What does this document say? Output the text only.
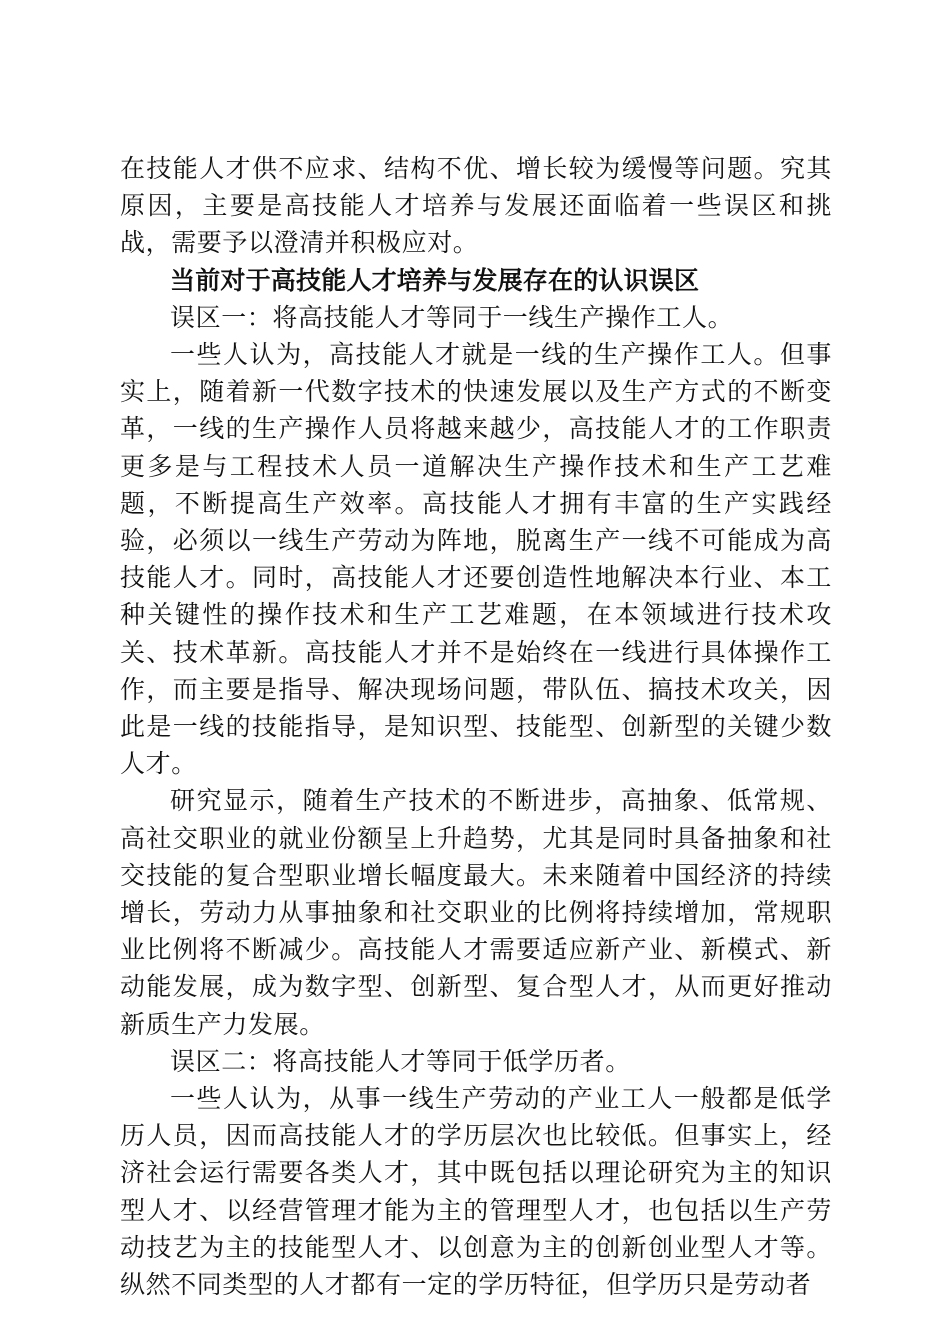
在技能人才供不应求、结构不优、增长较为缓慢等问题。究其原因，主要是高技能人才培养与发展还面临着一些误区和挑战，需要予以澄清并积极应对。

当前对于高技能人才培养与发展存在的认识误区

误区一：将高技能人才等同于一线生产操作工人。

一些人认为，高技能人才就是一线的生产操作工人。但事实上，随着新一代数字技术的快速发展以及生产方式的不断变革，一线的生产操作人员将越来越少，高技能人才的工作职责更多是与工程技术人员一道解决生产操作技术和生产工艺难题，不断提高生产效率。高技能人才拥有丰富的生产实践经验，必须以一线生产劳动为阵地，脱离生产一线不可能成为高技能人才。同时，高技能人才还要创造性地解决本行业、本工种关键性的操作技术和生产工艺难题，在本领域进行技术攻关、技术革新。高技能人才并不是始终在一线进行具体操作工作，而主要是指导、解决现场问题，带队伍、搞技术攻关，因此是一线的技能指导，是知识型、技能型、创新型的关键少数人才。

研究显示，随着生产技术的不断进步，高抽象、低常规、高社交职业的就业份额呈上升趋势，尤其是同时具备抽象和社交技能的复合型职业增长幅度最大。未来随着中国经济的持续增长，劳动力从事抽象和社交职业的比例将持续增加，常规职业比例将不断减少。高技能人才需要适应新产业、新模式、新动能发展，成为数字型、创新型、复合型人才，从而更好推动新质生产力发展。

误区二：将高技能人才等同于低学历者。

一些人认为，从事一线生产劳动的产业工人一般都是低学历人员，因而高技能人才的学历层次也比较低。但事实上，经济社会运行需要各类人才，其中既包括以理论研究为主的知识型人才、以经营管理才能为主的管理型人才，也包括以生产劳动技艺为主的技能型人才、以创意为主的创新创业型人才等。纵然不同类型的人才都有一定的学历特征，但学历只是劳动者
